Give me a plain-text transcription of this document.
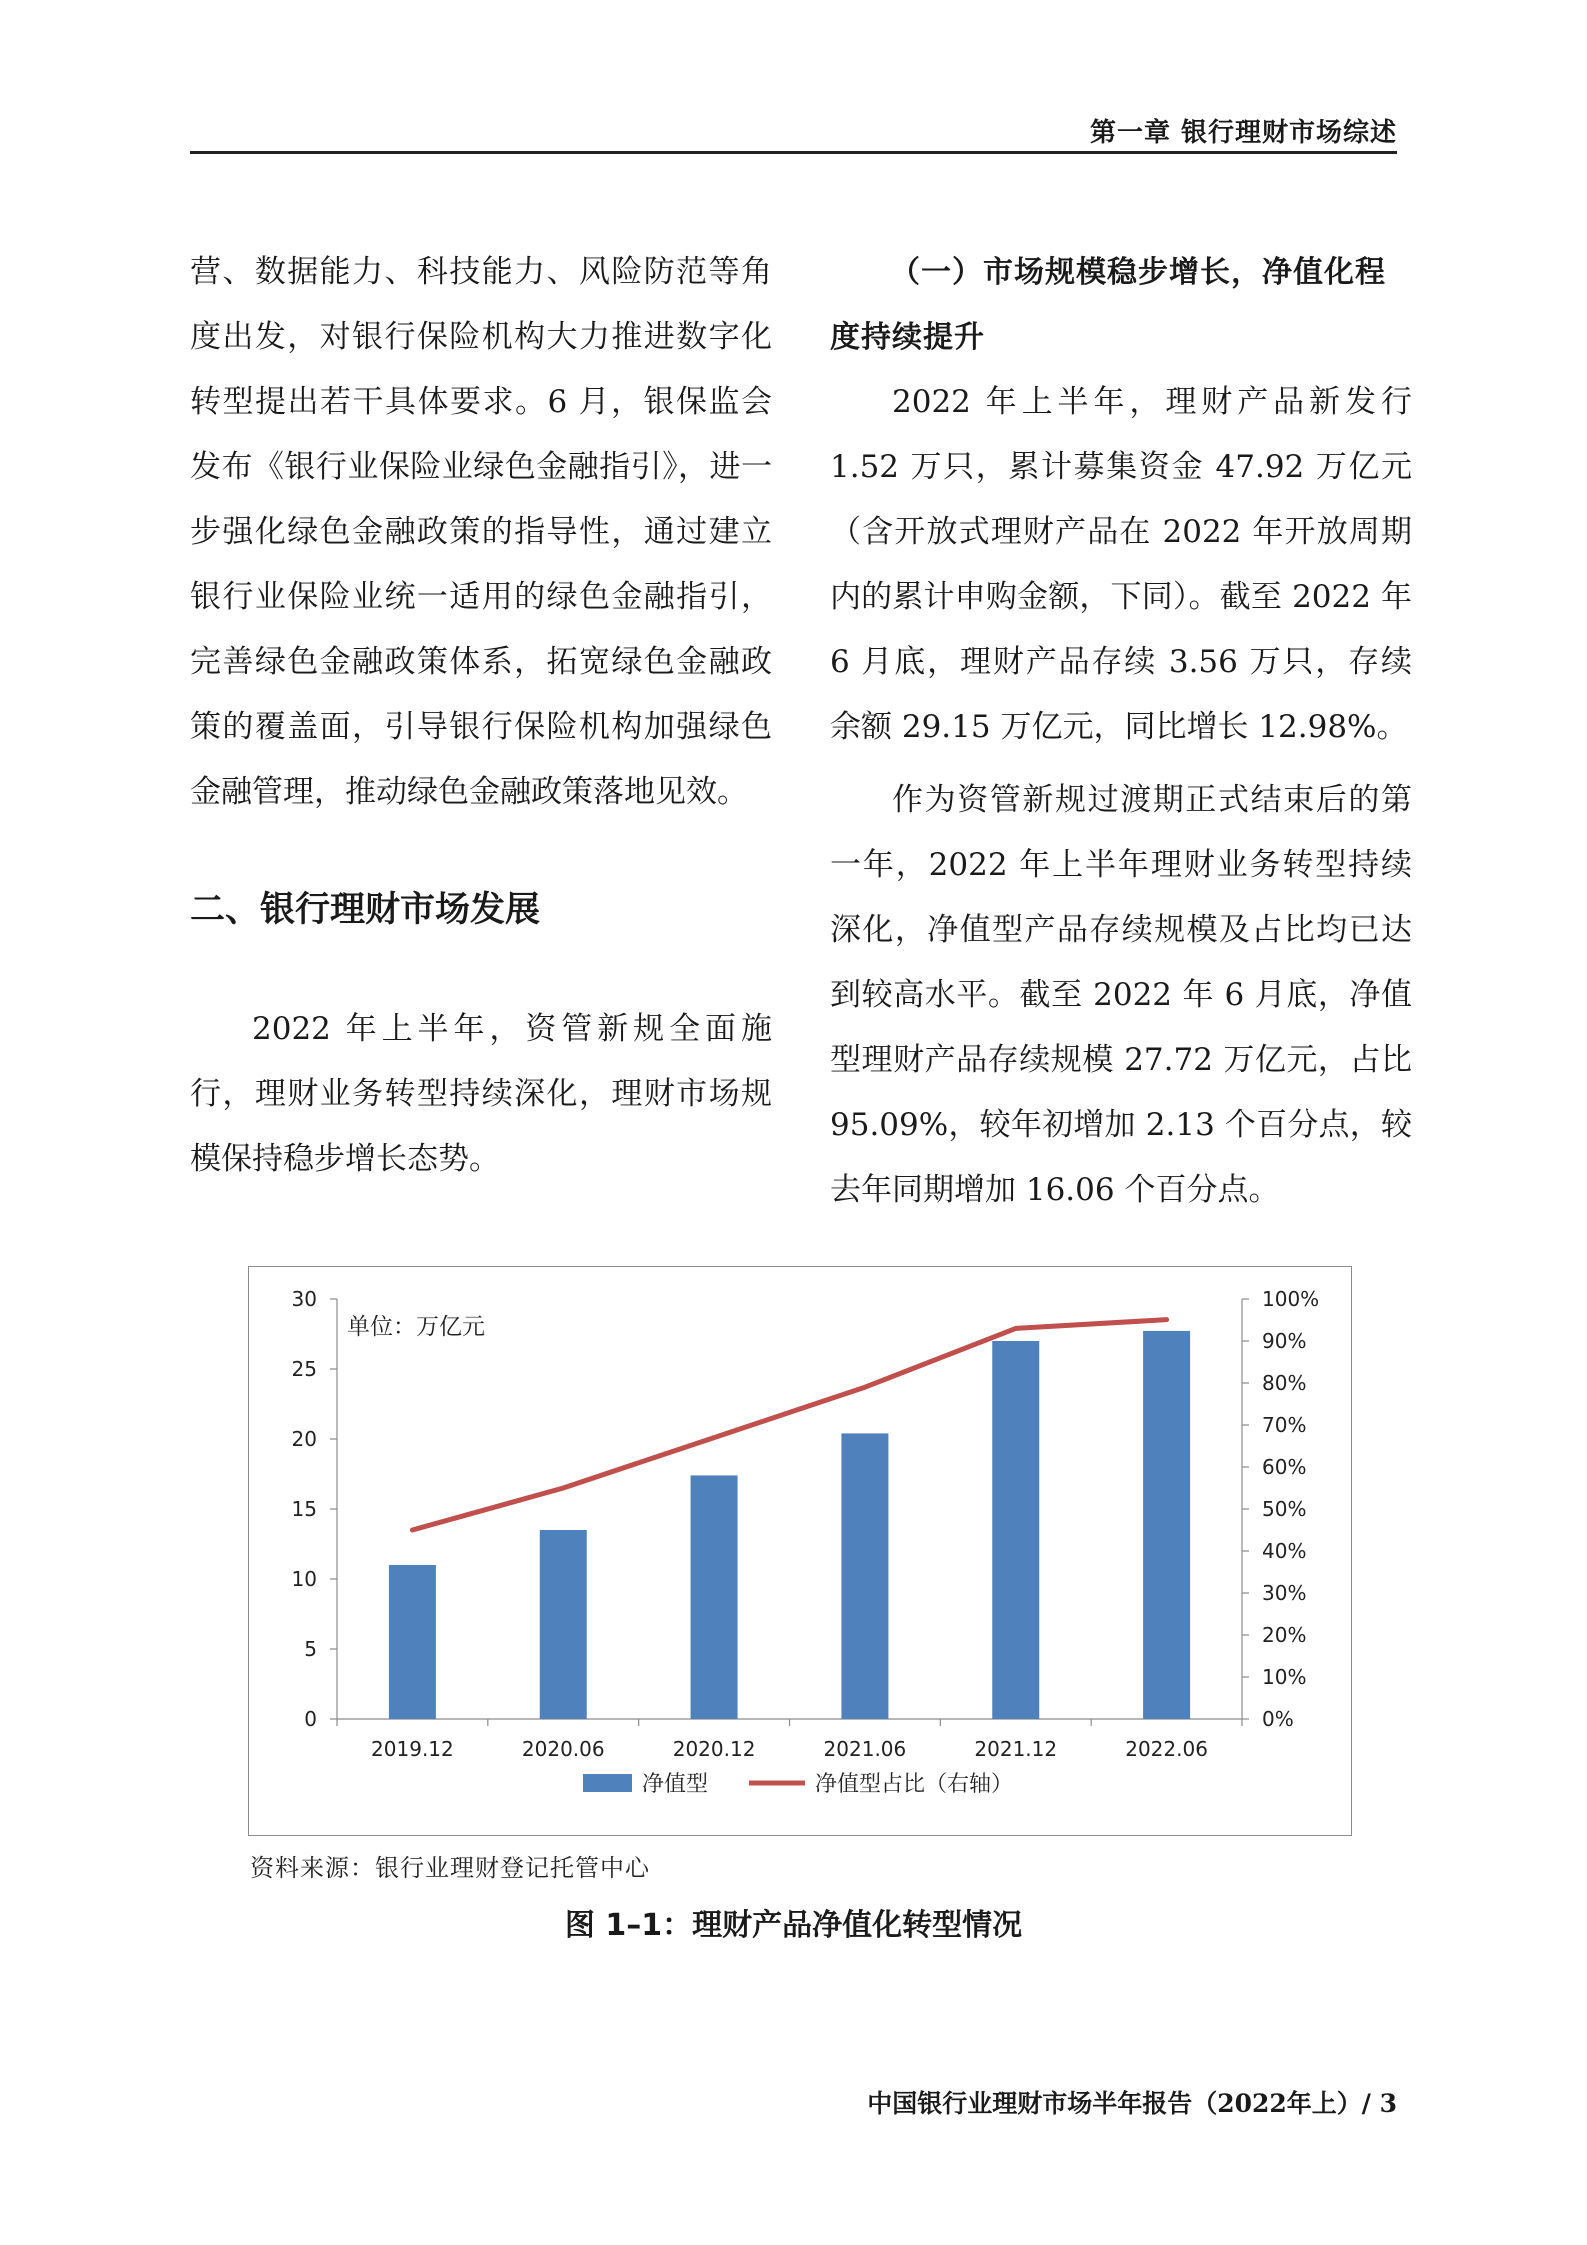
第一章 银行理财市场综述

营、数据能力、科技能力、风险防范等角度出发，对银行保险机构大力推进数字化转型提出若干具体要求。6 月，银保监会发布《银行业保险业绿色金融指引》，进一步强化绿色金融政策的指导性，通过建立银行业保险业统一适用的绿色金融指引，完善绿色金融政策体系，拓宽绿色金融政策的覆盖面，引导银行保险机构加强绿色金融管理，推动绿色金融政策落地见效。

二、银行理财市场发展

2022 年上半年，资管新规全面施行，理财业务转型持续深化，理财市场规模保持稳步增长态势。

（一）市场规模稳步增长，净值化程度持续提升

2022 年上半年，理财产品新发行 1.52 万只，累计募集资金 47.92 万亿元（含开放式理财产品在 2022 年开放周期内的累计申购金额，下同）。截至 2022 年 6 月底，理财产品存续 3.56 万只，存续余额 29.15 万亿元，同比增长 12.98%。

作为资管新规过渡期正式结束后的第一年，2022 年上半年理财业务转型持续深化，净值型产品存续规模及占比均已达到较高水平。截至 2022 年 6 月底，净值型理财产品存续规模 27.72 万亿元，占比 95.09%，较年初增加 2.13 个百分点，较去年同期增加 16.06 个百分点。

0
5
10
15
20
25
30
0%
10%
20%
30%
40%
50%
60%
70%
80%
90%
100%
2019.12	2020.06	2020.12	2021.06	2021.12	2022.06
单位：万亿元
净值型	净值型占比（右轴）
资料来源：银行业理财登记托管中心
图 1–1：理财产品净值化转型情况
中国银行业理财市场半年报告（2022年上）/ 3
